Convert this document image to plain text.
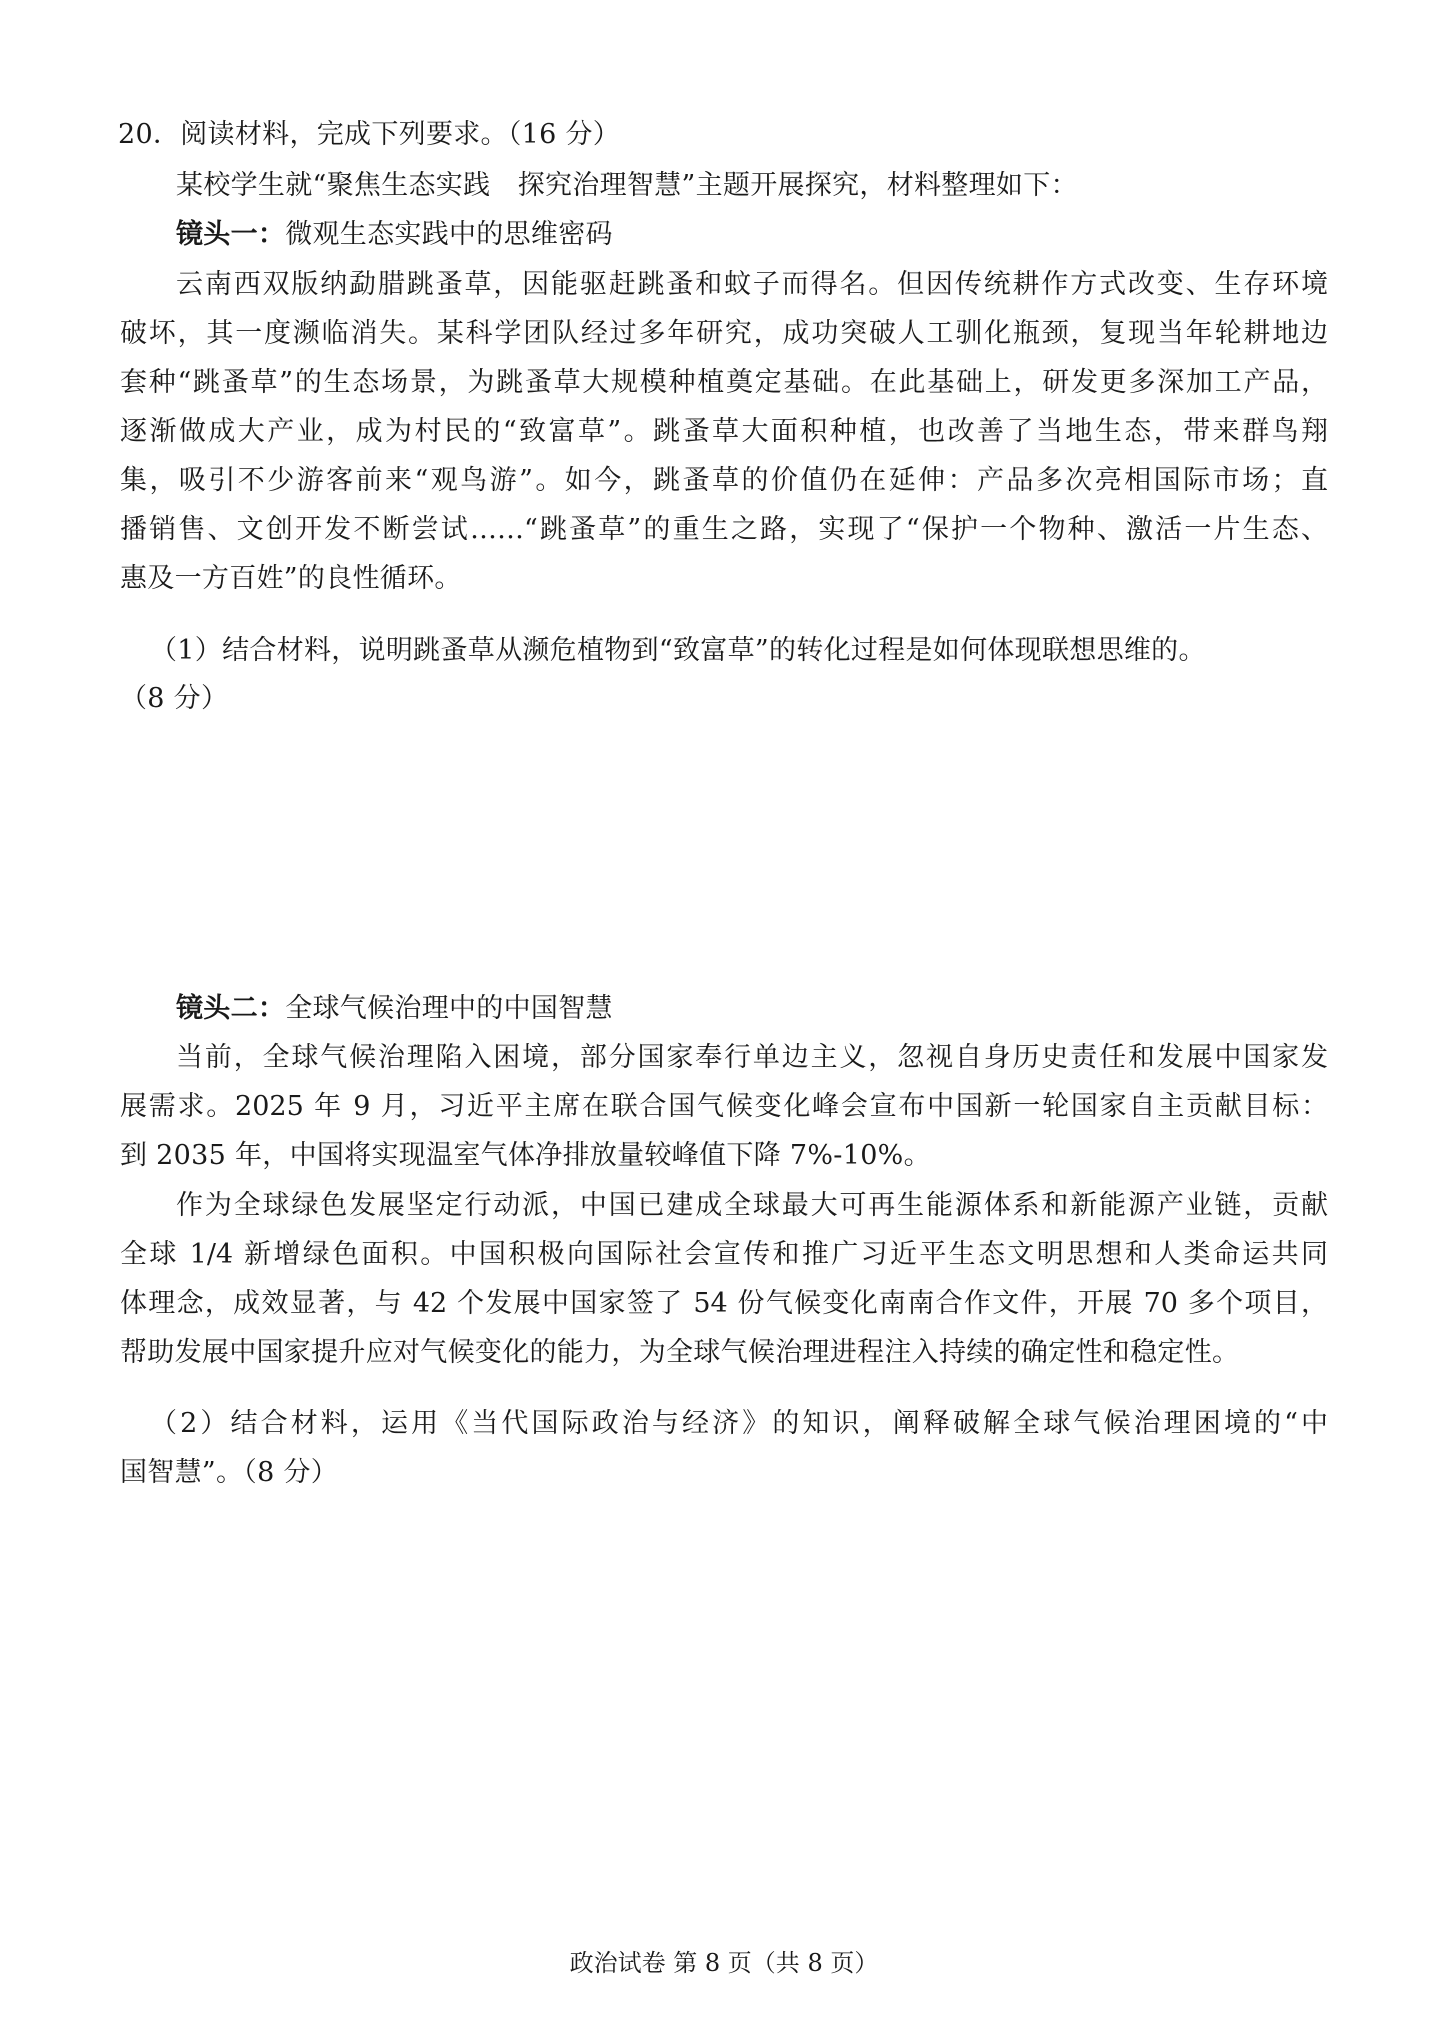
20．阅读材料，完成下列要求。（16 分）
某校学生就“聚焦生态实践　探究治理智慧”主题开展探究，材料整理如下：
镜头一：微观生态实践中的思维密码
云南西双版纳勐腊跳蚤草，因能驱赶跳蚤和蚊子而得名。但因传统耕作方式改变、生存环境
破坏，其一度濒临消失。某科学团队经过多年研究，成功突破人工驯化瓶颈，复现当年轮耕地边
套种“跳蚤草”的生态场景，为跳蚤草大规模种植奠定基础。在此基础上，研发更多深加工产品，
逐渐做成大产业，成为村民的“致富草”。跳蚤草大面积种植，也改善了当地生态，带来群鸟翔
集，吸引不少游客前来“观鸟游”。如今，跳蚤草的价值仍在延伸：产品多次亮相国际市场；直
播销售、文创开发不断尝试……“跳蚤草”的重生之路，实现了“保护一个物种、激活一片生态、
惠及一方百姓”的良性循环。
（1）结合材料，说明跳蚤草从濒危植物到“致富草”的转化过程是如何体现联想思维的。
（8 分）
镜头二：全球气候治理中的中国智慧
当前，全球气候治理陷入困境，部分国家奉行单边主义，忽视自身历史责任和发展中国家发
展需求。2025 年 9 月，习近平主席在联合国气候变化峰会宣布中国新一轮国家自主贡献目标：
到 2035 年，中国将实现温室气体净排放量较峰值下降 7%-10%。
作为全球绿色发展坚定行动派，中国已建成全球最大可再生能源体系和新能源产业链，贡献
全球 1/4 新增绿色面积。中国积极向国际社会宣传和推广习近平生态文明思想和人类命运共同
体理念，成效显著，与 42 个发展中国家签了 54 份气候变化南南合作文件，开展 70 多个项目，
帮助发展中国家提升应对气候变化的能力，为全球气候治理进程注入持续的确定性和稳定性。
（2）结合材料，运用《当代国际政治与经济》的知识，阐释破解全球气候治理困境的“中
国智慧”。（8 分）
政治试卷 第 8 页（共 8 页）
